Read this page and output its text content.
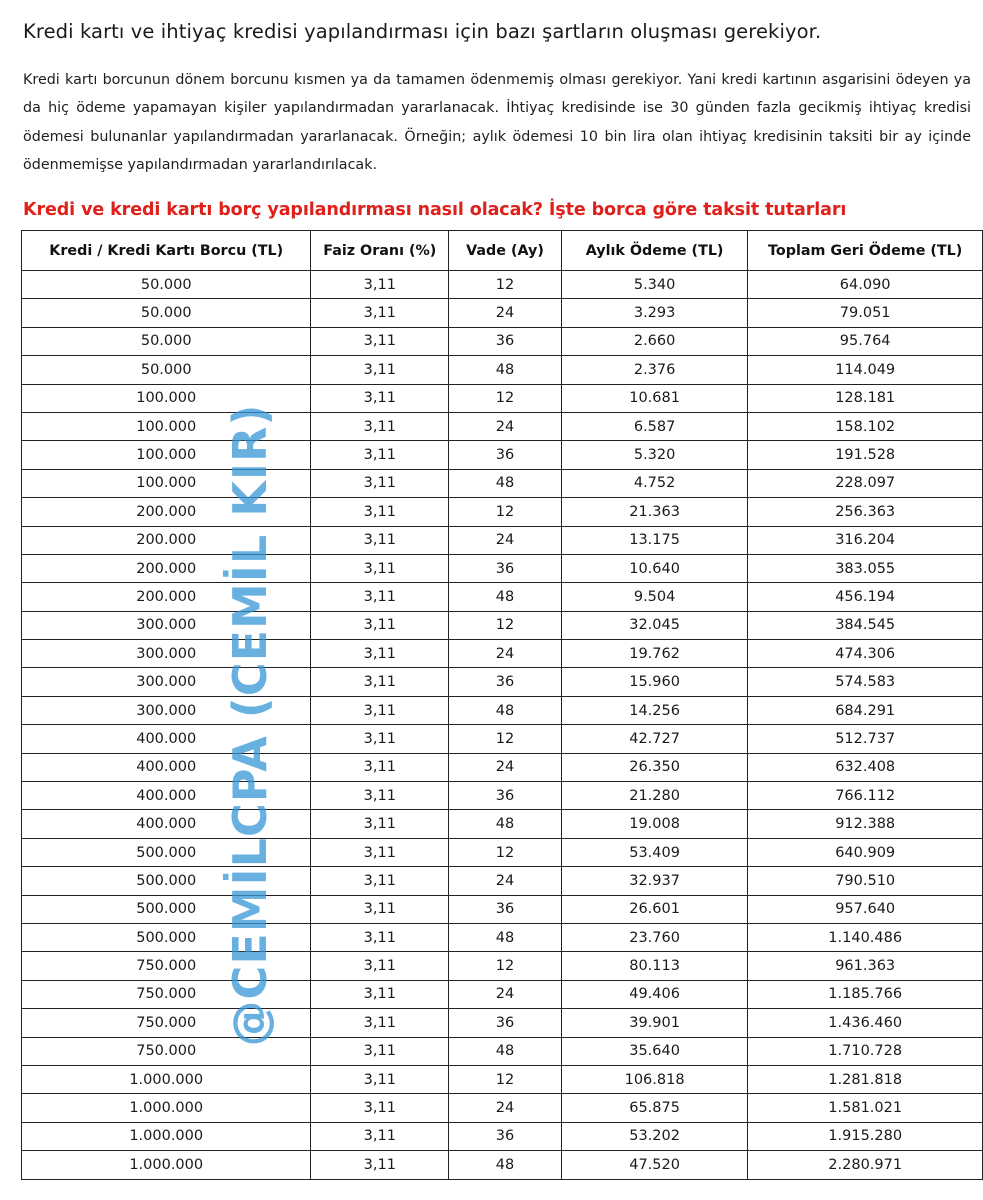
Kredi kartı ve ihtiyaç kredisi yapılandırması için bazı şartların oluşması gerekiyor.
Kredi kartı borcunun dönem borcunu kısmen ya da tamamen ödenmemiş olması gerekiyor. Yani kredi kartının asgarisini ödeyen ya da hiç ödeme yapamayan kişiler yapılandırmadan yararlanacak. İhtiyaç kredisinde ise 30 günden fazla gecikmiş ihtiyaç kredisi ödemesi bulunanlar yapılandırmadan yararlanacak. Örneğin; aylık ödemesi 10 bin lira olan ihtiyaç kredisinin taksiti bir ay içinde ödenmemişse yapılandırmadan yararlandırılacak.
Kredi ve kredi kartı borç yapılandırması nasıl olacak? İşte borca göre taksit tutarları
Kredi / Kredi Kartı Borcu (TL)	Faiz Oranı (%)	Vade (Ay)	Aylık Ödeme (TL)	Toplam Geri Ödeme (TL)
50.000	3,11	12	5.340	64.090
50.000	3,11	24	3.293	79.051
50.000	3,11	36	2.660	95.764
50.000	3,11	48	2.376	114.049
100.000	3,11	12	10.681	128.181
100.000	3,11	24	6.587	158.102
100.000	3,11	36	5.320	191.528
100.000	3,11	48	4.752	228.097
200.000	3,11	12	21.363	256.363
200.000	3,11	24	13.175	316.204
200.000	3,11	36	10.640	383.055
200.000	3,11	48	9.504	456.194
300.000	3,11	12	32.045	384.545
300.000	3,11	24	19.762	474.306
300.000	3,11	36	15.960	574.583
300.000	3,11	48	14.256	684.291
400.000	3,11	12	42.727	512.737
400.000	3,11	24	26.350	632.408
400.000	3,11	36	21.280	766.112
400.000	3,11	48	19.008	912.388
500.000	3,11	12	53.409	640.909
500.000	3,11	24	32.937	790.510
500.000	3,11	36	26.601	957.640
500.000	3,11	48	23.760	1.140.486
750.000	3,11	12	80.113	961.363
750.000	3,11	24	49.406	1.185.766
750.000	3,11	36	39.901	1.436.460
750.000	3,11	48	35.640	1.710.728
1.000.000	3,11	12	106.818	1.281.818
1.000.000	3,11	24	65.875	1.581.021
1.000.000	3,11	36	53.202	1.915.280
1.000.000	3,11	48	47.520	2.280.971
@CEMİLCPA (CEMİL KIR)
